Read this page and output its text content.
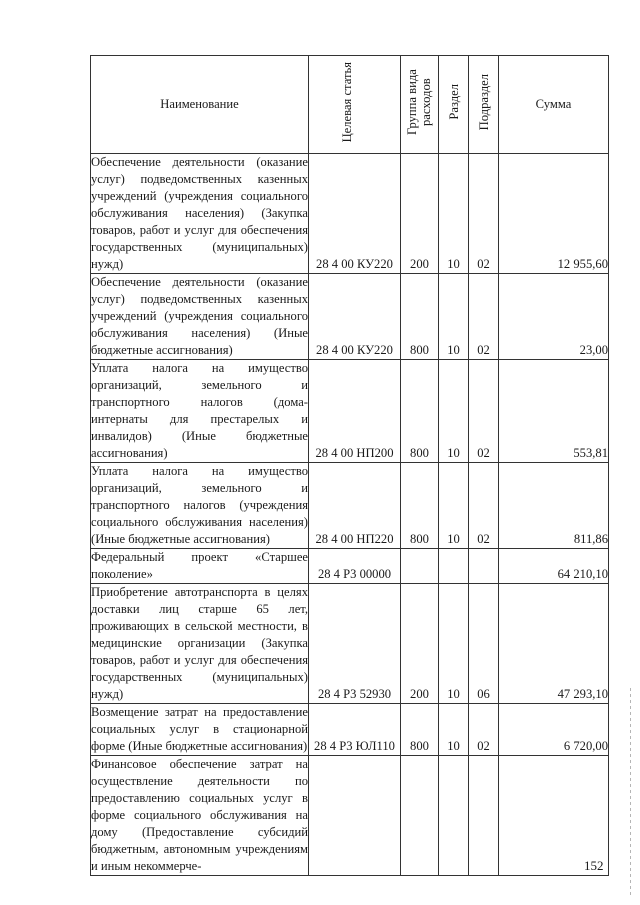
Наименование	Целевая статья	Группа вида расходов	Раздел	Подраздел	Сумма
Обеспечение деятельности (оказание услуг) подведомственных казенных учреждений (учреждения социального обслуживания населения) (Закупка товаров, работ и услуг для обеспечения государственных (муниципальных) нужд)	28 4 00 КУ220	200	10	02	12 955,60
Обеспечение деятельности (оказание услуг) подведомственных казенных учреждений (учреждения социального обслуживания населения) (Иные бюджетные ассигнования)	28 4 00 КУ220	800	10	02	23,00
Уплата налога на имущество организаций, земельного и транспортного налогов (дома-интернаты для престарелых и инвалидов) (Иные бюджетные ассигнования)	28 4 00 НП200	800	10	02	553,81
Уплата налога на имущество организаций, земельного и транспортного налогов (учреждения социального обслуживания населения) (Иные бюджетные ассигнования)	28 4 00 НП220	800	10	02	811,86
Федеральный проект «Старшее поколение»	28 4 Р3 00000				64 210,10
Приобретение автотранспорта в целях доставки лиц старше 65 лет, проживающих в сельской местности, в медицинские организации (Закупка товаров, работ и услуг для обеспечения государственных (муниципальных) нужд)	28 4 Р3 52930	200	10	06	47 293,10
Возмещение затрат на предоставление социальных услуг в стационарной форме (Иные бюджетные ассигнования)	28 4 Р3 ЮЛ110	800	10	02	6 720,00
Финансовое обеспечение затрат на осуществление деятельности по предоставлению социальных услуг в форме социального обслуживания на дому (Предоставление субсидий бюджетным, автономным учреждениям и иным некоммерче-						152
